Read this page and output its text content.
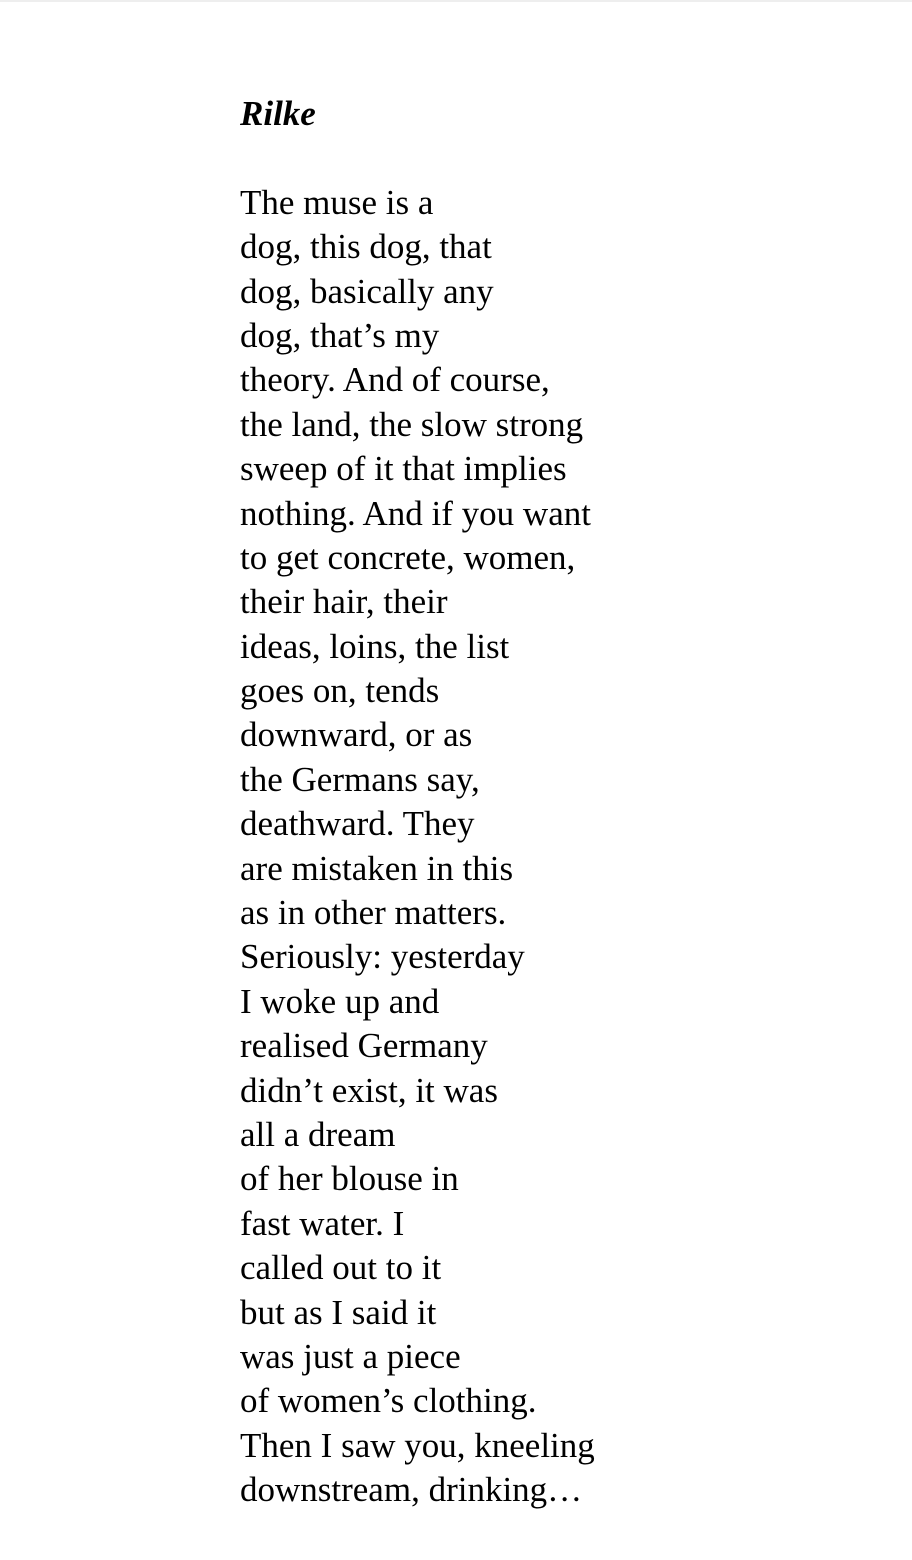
Rilke
The muse is a
dog, this dog, that
dog, basically any
dog, that’s my
theory. And of course,
the land, the slow strong
sweep of it that implies
nothing. And if you want
to get concrete, women,
their hair, their
ideas, loins, the list
goes on, tends
downward, or as
the Germans say,
deathward. They
are mistaken in this
as in other matters.
Seriously: yesterday
I woke up and
realised Germany
didn’t exist, it was
all a dream
of her blouse in
fast water. I
called out to it
but as I said it
was just a piece
of women’s clothing.
Then I saw you, kneeling
downstream, drinking…
